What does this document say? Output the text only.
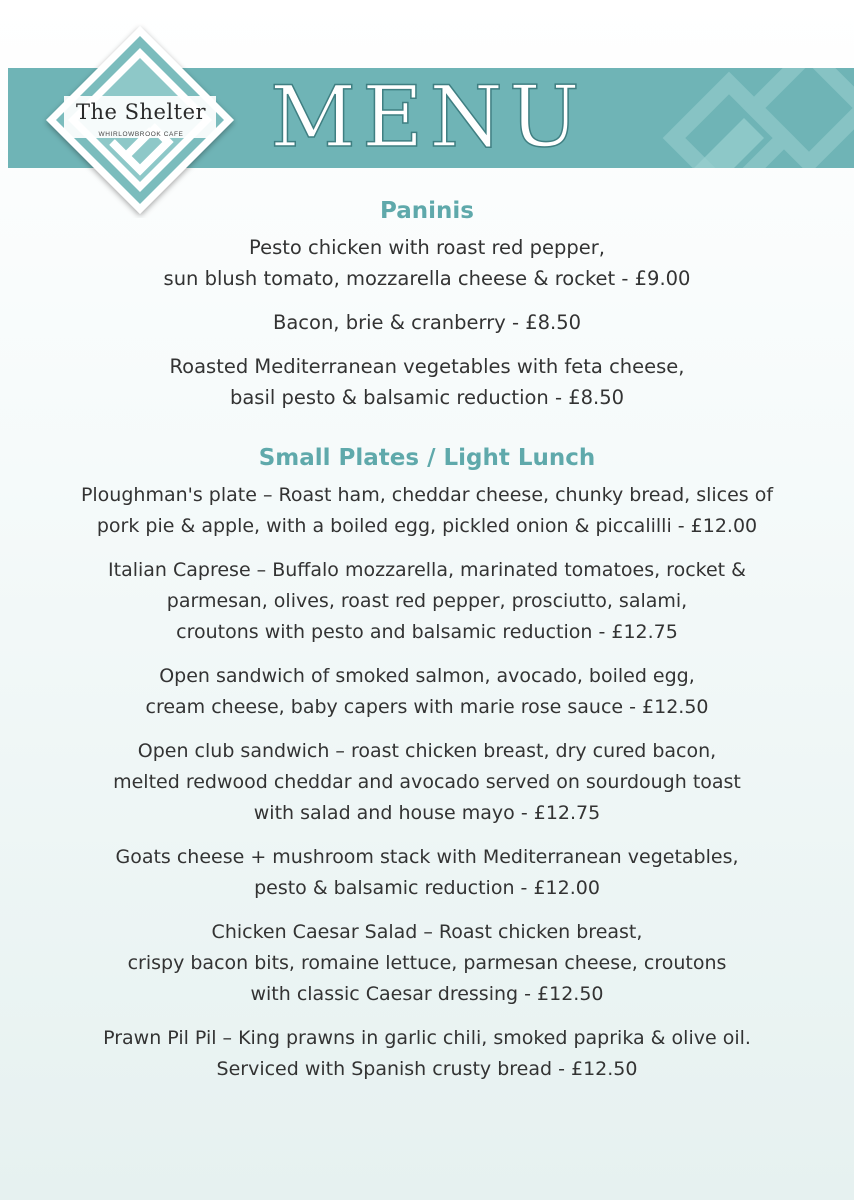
The Shelter
WHIRLOWBROOK CAFE MENU
Paninis
Pesto chicken with roast red pepper,
sun blush tomato, mozzarella cheese & rocket - £9.00
Bacon, brie & cranberry - £8.50
Roasted Mediterranean vegetables with feta cheese,
basil pesto & balsamic reduction - £8.50
Small Plates / Light Lunch
Ploughman's plate – Roast ham, cheddar cheese, chunky bread, slices of
pork pie & apple, with a boiled egg, pickled onion & piccalilli - £12.00
Italian Caprese – Buffalo mozzarella, marinated tomatoes, rocket &
parmesan, olives, roast red pepper, prosciutto, salami,
croutons with pesto and balsamic reduction - £12.75
Open sandwich of smoked salmon, avocado, boiled egg,
cream cheese, baby capers with marie rose sauce - £12.50
Open club sandwich – roast chicken breast, dry cured bacon,
melted redwood cheddar and avocado served on sourdough toast
with salad and house mayo - £12.75
Goats cheese + mushroom stack with Mediterranean vegetables,
pesto & balsamic reduction - £12.00
Chicken Caesar Salad – Roast chicken breast,
crispy bacon bits, romaine lettuce, parmesan cheese, croutons
with classic Caesar dressing - £12.50
Prawn Pil Pil – King prawns in garlic chili, smoked paprika & olive oil.
Serviced with Spanish crusty bread - £12.50
